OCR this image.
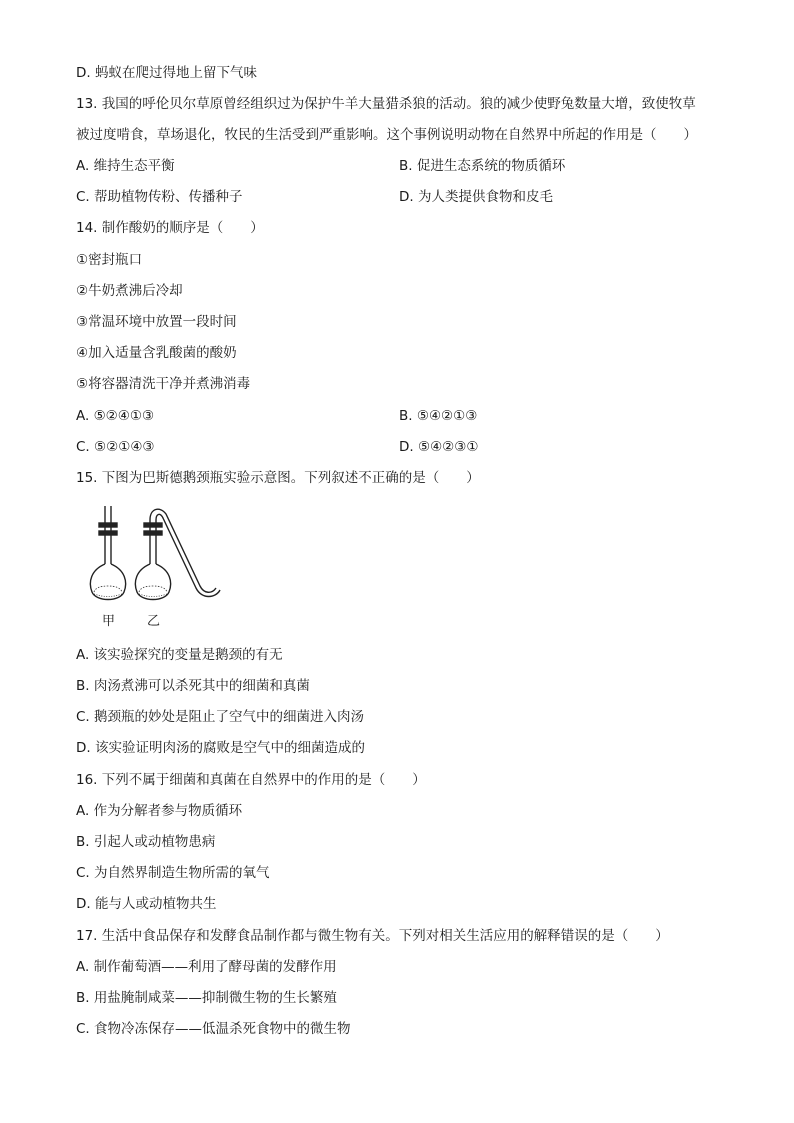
D. 蚂蚁在爬过得地上留下气味
13. 我国的呼伦贝尔草原曾经组织过为保护牛羊大量猎杀狼的活动。狼的减少使野兔数量大增，致使牧草
被过度啃食，草场退化，牧民的生活受到严重影响。这个事例说明动物在自然界中所起的作用是（　　）
A. 维持生态平衡	B. 促进生态系统的物质循环
C. 帮助植物传粉、传播种子	D. 为人类提供食物和皮毛
14. 制作酸奶的顺序是（　　）
①密封瓶口
②牛奶煮沸后冷却
③常温环境中放置一段时间
④加入适量含乳酸菌的酸奶
⑤将容器清洗干净并煮沸消毒
A. ⑤②④①③	B. ⑤④②①③
C. ⑤②①④③	D. ⑤④②③①
15. 下图为巴斯德鹅颈瓶实验示意图。下列叙述不正确的是（　　）
甲 乙
A. 该实验探究的变量是鹅颈的有无
B. 肉汤煮沸可以杀死其中的细菌和真菌
C. 鹅颈瓶的妙处是阻止了空气中的细菌进入肉汤
D. 该实验证明肉汤的腐败是空气中的细菌造成的
16. 下列不属于细菌和真菌在自然界中的作用的是（　　）
A. 作为分解者参与物质循环
B. 引起人或动植物患病
C. 为自然界制造生物所需的氧气
D. 能与人或动植物共生
17. 生活中食品保存和发酵食品制作都与微生物有关。下列对相关生活应用的解释错误的是（　　）
A. 制作葡萄酒——利用了酵母菌的发酵作用
B. 用盐腌制咸菜——抑制微生物的生长繁殖
C. 食物冷冻保存——低温杀死食物中的微生物
